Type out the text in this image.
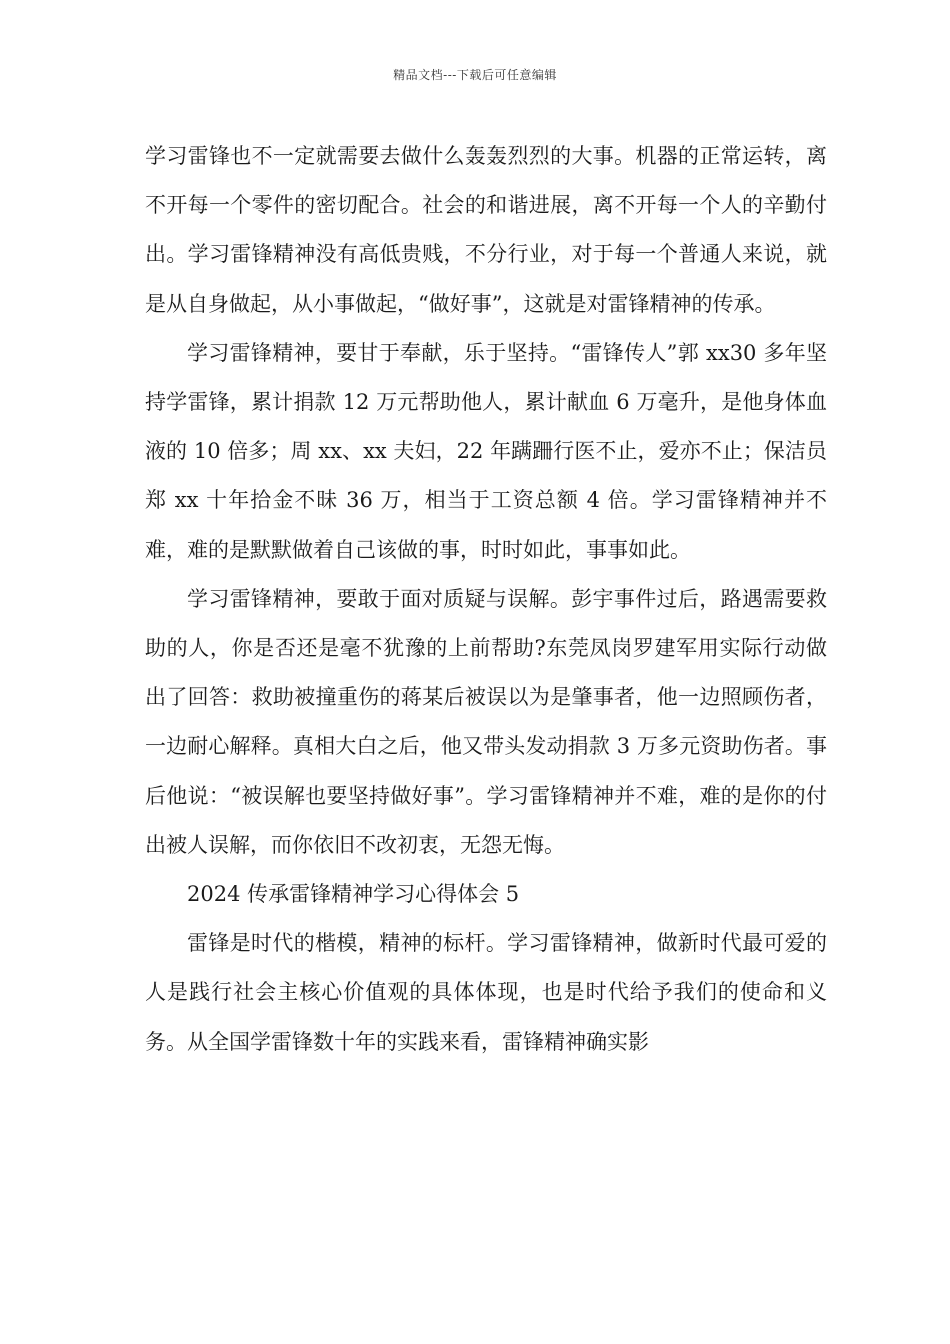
精品文档---下载后可任意编辑

学习雷锋也不一定就需要去做什么轰轰烈烈的大事。机器的正常运转，离不开每一个零件的密切配合。社会的和谐进展，离不开每一个人的辛勤付出。学习雷锋精神没有高低贵贱，不分行业，对于每一个普通人来说，就是从自身做起，从小事做起，“做好事”，这就是对雷锋精神的传承。

学习雷锋精神，要甘于奉献，乐于坚持。“雷锋传人”郭 xx30 多年坚持学雷锋，累计捐款 12 万元帮助他人，累计献血 6 万毫升，是他身体血液的 10 倍多；周 xx、xx 夫妇，22 年蹒跚行医不止，爱亦不止；保洁员郑 xx 十年拾金不昧 36 万，相当于工资总额 4 倍。学习雷锋精神并不难，难的是默默做着自己该做的事，时时如此，事事如此。

学习雷锋精神，要敢于面对质疑与误解。彭宇事件过后，路遇需要救助的人，你是否还是毫不犹豫的上前帮助?东莞凤岗罗建军用实际行动做出了回答：救助被撞重伤的蒋某后被误以为是肇事者，他一边照顾伤者，一边耐心解释。真相大白之后，他又带头发动捐款 3 万多元资助伤者。事后他说：“被误解也要坚持做好事”。学习雷锋精神并不难，难的是你的付出被人误解，而你依旧不改初衷，无怨无悔。

2024 传承雷锋精神学习心得体会 5

雷锋是时代的楷模，精神的标杆。学习雷锋精神，做新时代最可爱的人是践行社会主核心价值观的具体体现，也是时代给予我们的使命和义务。从全国学雷锋数十年的实践来看，雷锋精神确实影
